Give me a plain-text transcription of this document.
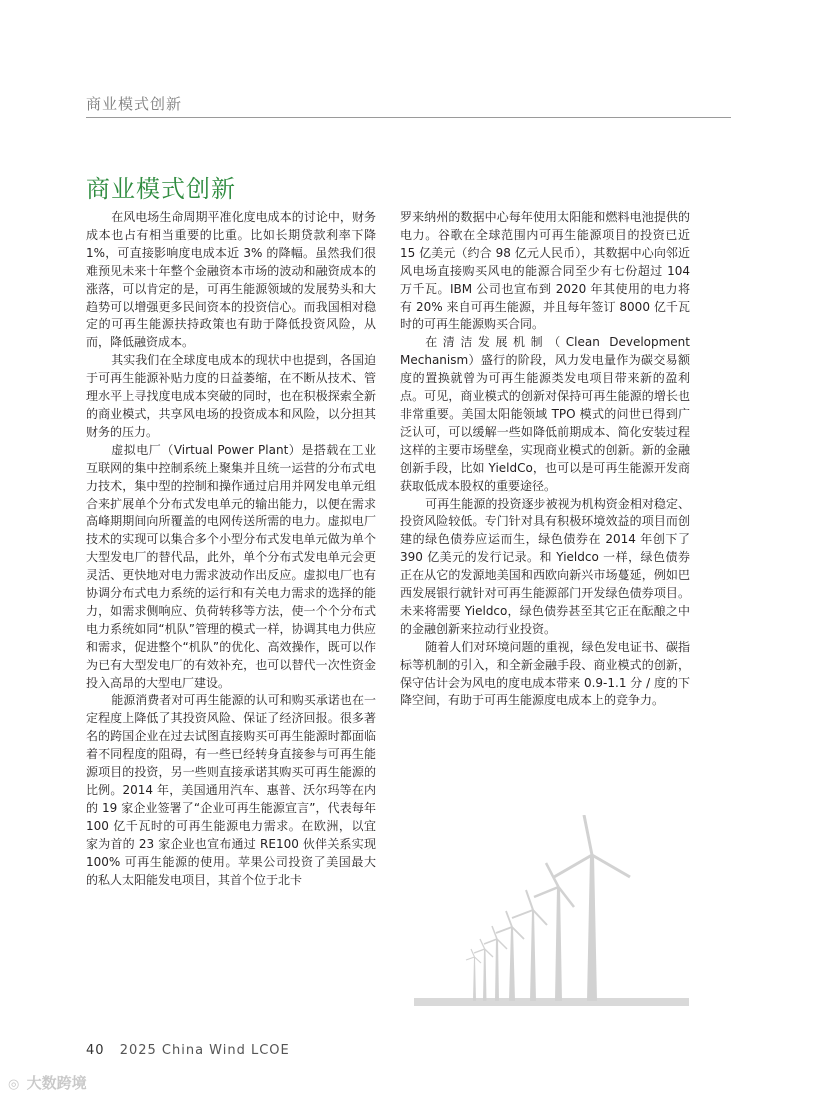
商业模式创新
商业模式创新

在风电场生命周期平准化度电成本的讨论中，财务成本也占有相当重要的比重。比如长期贷款利率下降 1%，可直接影响度电成本近 3% 的降幅。虽然我们很难预见未来十年整个金融资本市场的波动和融资成本的涨落，可以肯定的是，可再生能源领域的发展势头和大趋势可以增强更多民间资本的投资信心。而我国相对稳定的可再生能源扶持政策也有助于降低投资风险，从而，降低融资成本。

其实我们在全球度电成本的现状中也提到，各国迫于可再生能源补贴力度的日益萎缩，在不断从技术、管理水平上寻找度电成本突破的同时，也在积极探索全新的商业模式，共享风电场的投资成本和风险，以分担其财务的压力。

虚拟电厂（Virtual Power Plant）是搭载在工业互联网的集中控制系统上聚集并且统一运营的分布式电力技术，集中型的控制和操作通过启用并网发电单元组合来扩展单个分布式发电单元的输出能力，以便在需求高峰期期间向所覆盖的电网传送所需的电力。虚拟电厂技术的实现可以集合多个小型分布式发电单元做为单个大型发电厂的替代品，此外，单个分布式发电单元会更灵活、更快地对电力需求波动作出反应。虚拟电厂也有协调分布式电力系统的运行和有关电力需求的选择的能力，如需求侧响应、负荷转移等方法，使一个个分布式电力系统如同“机队”管理的模式一样，协调其电力供应和需求，促进整个“机队”的优化、高效操作，既可以作为已有大型发电厂的有效补充，也可以替代一次性资金投入高昂的大型电厂建设。

能源消费者对可再生能源的认可和购买承诺也在一定程度上降低了其投资风险、保证了经济回报。很多著名的跨国企业在过去试图直接购买可再生能源时都面临着不同程度的阻碍，有一些已经转身直接参与可再生能源项目的投资，另一些则直接承诺其购买可再生能源的比例。2014 年，美国通用汽车、惠普、沃尔玛等在内的 19 家企业签署了“企业可再生能源宣言”，代表每年 100 亿千瓦时的可再生能源电力需求。在欧洲，以宜家为首的 23 家企业也宣布通过 RE100 伙伴关系实现100% 可再生能源的使用。苹果公司投资了美国最大的私人太阳能发电项目，其首个位于北卡

罗来纳州的数据中心每年使用太阳能和燃料电池提供的电力。谷歌在全球范围内可再生能源项目的投资已近 15 亿美元（约合 98 亿元人民币），其数据中心向邻近风电场直接购买风电的能源合同至少有七份超过 104 万千瓦。IBM 公司也宣布到 2020 年其使用的电力将有 20% 来自可再生能源，并且每年签订 8000 亿千瓦时的可再生能源购买合同。

在清洁发展机制（Clean Development Mechanism）盛行的阶段，风力发电量作为碳交易额度的置换就曾为可再生能源类发电项目带来新的盈利点。可见，商业模式的创新对保持可再生能源的增长也非常重要。美国太阳能领域 TPO 模式的问世已得到广泛认可，可以缓解一些如降低前期成本、简化安装过程这样的主要市场壁垒，实现商业模式的创新。新的金融创新手段，比如 YieldCo，也可以是可再生能源开发商获取低成本股权的重要途径。

可再生能源的投资逐步被视为机构资金相对稳定、投资风险较低。专门针对具有积极环境效益的项目而创建的绿色债券应运而生，绿色债券在 2014 年创下了 390 亿美元的发行记录。和 Yieldco 一样，绿色债券正在从它的发源地美国和西欧向新兴市场蔓延，例如巴西发展银行就针对可再生能源部门开发绿色债券项目。未来将需要 Yieldco，绿色债券甚至其它正在酝酿之中的金融创新来拉动行业投资。

随着人们对环境问题的重视，绿色发电证书、碳指标等机制的引入，和全新金融手段、商业模式的创新，保守估计会为风电的度电成本带来 0.9-1.1 分 / 度的下降空间，有助于可再生能源度电成本上的竞争力。

40 2025 China Wind LCOE
◎ 大数跨境
